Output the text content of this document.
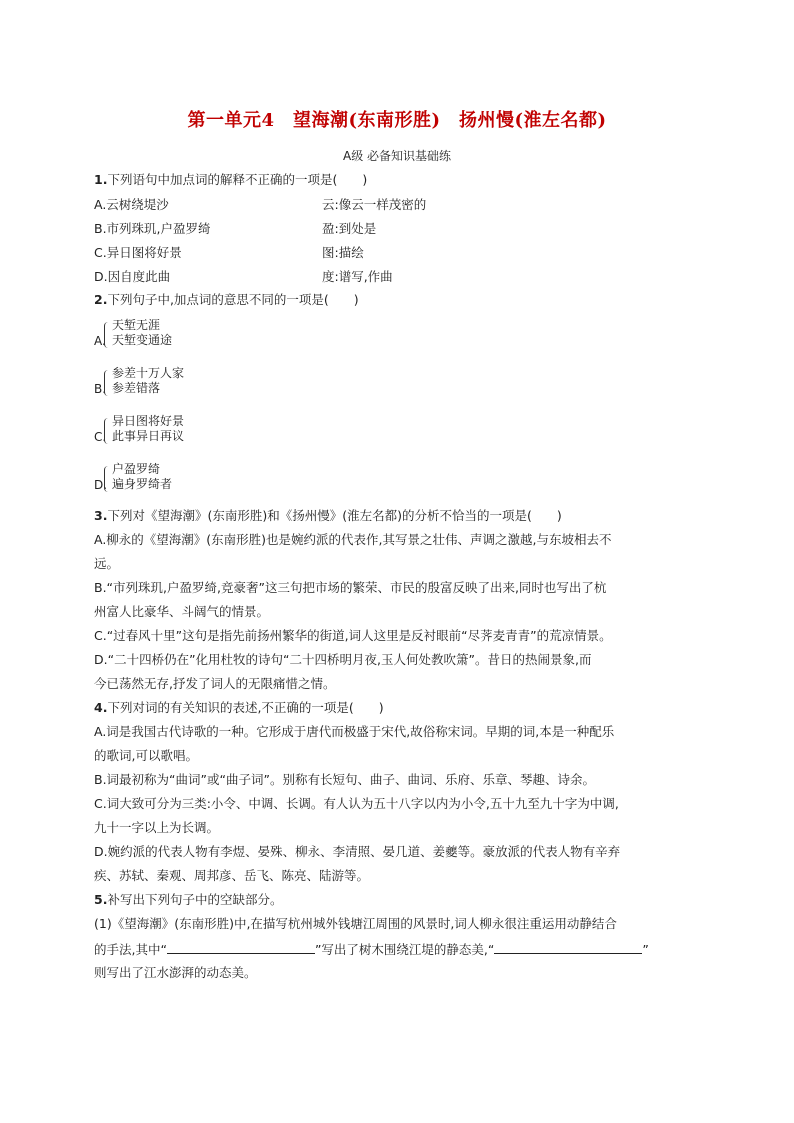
第一单元4　望海潮(东南形胜)　扬州慢(淮左名都)
A级 必备知识基础练
1.下列语句中加点词的解释不正确的一项是(　　)
A.云树绕堤沙	云:像云一样茂密的
B.市列珠玑,户盈罗绮	盈:到处是
C.异日图将好景	图:描绘
D.因自度此曲	度:谱写,作曲
2.下列句子中,加点词的意思不同的一项是(　　)
A.
天堑无涯
天堑变通途
B.
参差十万人家
参差错落
C.
异日图将好景
此事异日再议
D.
户盈罗绮
遍身罗绮者
3.下列对《望海潮》(东南形胜)和《扬州慢》(淮左名都)的分析不恰当的一项是(　　)
A.柳永的《望海潮》(东南形胜)也是婉约派的代表作,其写景之壮伟、声调之激越,与东坡相去不
远。
B.“市列珠玑,户盈罗绮,竞豪奢”这三句把市场的繁荣、市民的殷富反映了出来,同时也写出了杭
州富人比豪华、斗阔气的情景。
C.“过春风十里”这句是指先前扬州繁华的街道,词人这里是反衬眼前“尽荠麦青青”的荒凉情景。
D.“二十四桥仍在”化用杜牧的诗句“二十四桥明月夜,玉人何处教吹箫”。昔日的热闹景象,而
今已荡然无存,抒发了词人的无限痛惜之情。
4.下列对词的有关知识的表述,不正确的一项是(　　)
A.词是我国古代诗歌的一种。它形成于唐代而极盛于宋代,故俗称宋词。早期的词,本是一种配乐
的歌词,可以歌唱。
B.词最初称为“曲词”或“曲子词”。别称有长短句、曲子、曲词、乐府、乐章、琴趣、诗余。
C.词大致可分为三类:小令、中调、长调。有人认为五十八字以内为小令,五十九至九十字为中调,
九十一字以上为长调。
D.婉约派的代表人物有李煜、晏殊、柳永、李清照、晏几道、姜夔等。豪放派的代表人物有辛弃
疾、苏轼、秦观、周邦彦、岳飞、陈亮、陆游等。
5.补写出下列句子中的空缺部分。
(1)《望海潮》(东南形胜)中,在描写杭州城外钱塘江周围的风景时,词人柳永很注重运用动静结合
的手法,其中“	”写出了树木围绕江堤的静态美,“	”
则写出了江水澎湃的动态美。
